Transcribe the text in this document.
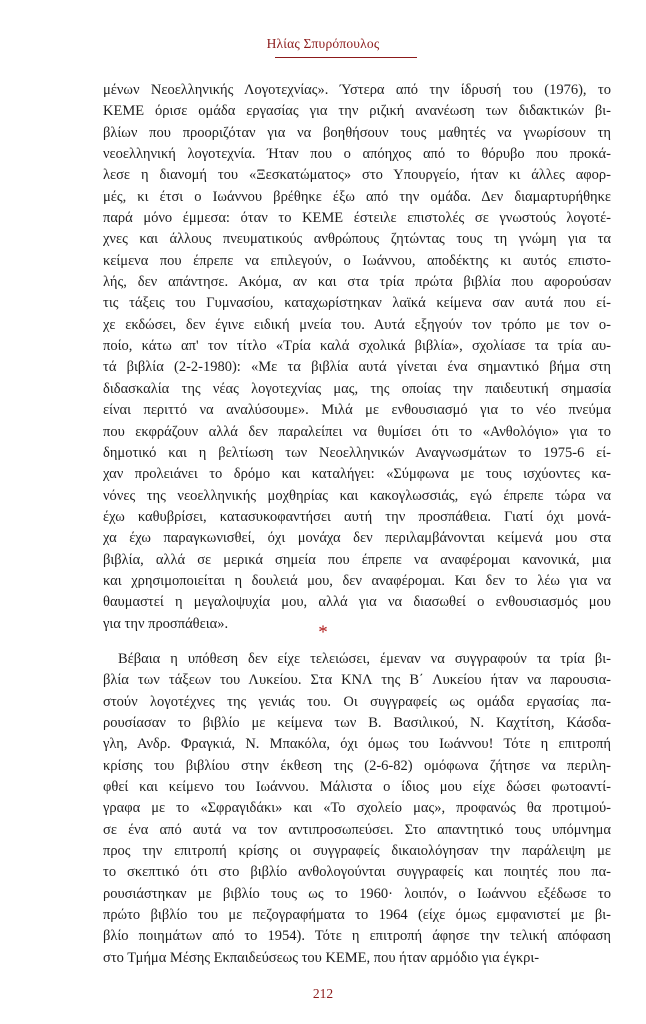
Ηλίας Σπυρόπουλος
μένων Νεοελληνικής Λογοτεχνίας». Ύστερα από την ίδρυσή του (1976), το
ΚΕΜΕ όρισε ομάδα εργασίας για την ριζική ανανέωση των διδακτικών βι-
βλίων που προοριζόταν για να βοηθήσουν τους μαθητές να γνωρίσουν τη
νεοελληνική λογοτεχνία. Ήταν που ο απόηχος από το θόρυβο που προκά-
λεσε η διανομή του «Ξεσκατώματος» στο Υπουργείο, ήταν κι άλλες αφορ-
μές, κι έτσι ο Ιωάννου βρέθηκε έξω από την ομάδα. Δεν διαμαρτυρήθηκε
παρά μόνο έμμεσα: όταν το ΚΕΜΕ έστειλε επιστολές σε γνωστούς λογοτέ-
χνες και άλλους πνευματικούς ανθρώπους ζητώντας τους τη γνώμη για τα
κείμενα που έπρεπε να επιλεγούν, ο Ιωάννου, αποδέκτης κι αυτός επιστο-
λής, δεν απάντησε. Ακόμα, αν και στα τρία πρώτα βιβλία που αφορούσαν
τις τάξεις του Γυμνασίου, καταχωρίστηκαν λαϊκά κείμενα σαν αυτά που εί-
χε εκδώσει, δεν έγινε ειδική μνεία του. Αυτά εξηγούν τον τρόπο με τον ο-
ποίο, κάτω απ' τον τίτλο «Τρία καλά σχολικά βιβλία», σχολίασε τα τρία αυ-
τά βιβλία (2-2-1980): «Με τα βιβλία αυτά γίνεται ένα σημαντικό βήμα στη
διδασκαλία της νέας λογοτεχνίας μας, της οποίας την παιδευτική σημασία
είναι περιττό να αναλύσουμε». Μιλά με ενθουσιασμό για το νέο πνεύμα
που εκφράζουν αλλά δεν παραλείπει να θυμίσει ότι το «Ανθολόγιο» για το
δημοτικό και η βελτίωση των Νεοελληνικών Αναγνωσμάτων το 1975-6 εί-
χαν προλειάνει το δρόμο και καταλήγει: «Σύμφωνα με τους ισχύοντες κα-
νόνες της νεοελληνικής μοχθηρίας και κακογλωσσιάς, εγώ έπρεπε τώρα να
έχω καθυβρίσει, κατασυκοφαντήσει αυτή την προσπάθεια. Γιατί όχι μονά-
χα έχω παραγκωνισθεί, όχι μονάχα δεν περιλαμβάνονται κείμενά μου στα
βιβλία, αλλά σε μερικά σημεία που έπρεπε να αναφέρομαι κανονικά, μια
και χρησιμοποιείται η δουλειά μου, δεν αναφέρομαι. Και δεν το λέω για να
θαυμαστεί η μεγαλοψυχία μου, αλλά για να διασωθεί ο ενθουσιασμός μου
για την προσπάθεια».	*
Βέβαια η υπόθεση δεν είχε τελειώσει, έμεναν να συγγραφούν τα τρία βι-
βλία των τάξεων του Λυκείου. Στα ΚΝΛ της Β΄ Λυκείου ήταν να παρουσια-
στούν λογοτέχνες της γενιάς του. Οι συγγραφείς ως ομάδα εργασίας πα-
ρουσίασαν το βιβλίο με κείμενα των Β. Βασιλικού, Ν. Καχτίτση, Κάσδα-
γλη, Ανδρ. Φραγκιά, Ν. Μπακόλα, όχι όμως του Ιωάννου! Τότε η επιτροπή
κρίσης του βιβλίου στην έκθεση της (2-6-82) ομόφωνα ζήτησε να περιλη-
φθεί και κείμενο του Ιωάννου. Μάλιστα ο ίδιος μου είχε δώσει φωτοαντί-
γραφα με το «Σφραγιδάκι» και «Το σχολείο μας», προφανώς θα προτιμού-
σε ένα από αυτά να τον αντιπροσωπεύσει. Στο απαντητικό τους υπόμνημα
προς την επιτροπή κρίσης οι συγγραφείς δικαιολόγησαν την παράλειψη με
το σκεπτικό ότι στο βιβλίο ανθολογούνται συγγραφείς και ποιητές που πα-
ρουσιάστηκαν με βιβλίο τους ως το 1960· λοιπόν, ο Ιωάννου εξέδωσε το
πρώτο βιβλίο του με πεζογραφήματα το 1964 (είχε όμως εμφανιστεί με βι-
βλίο ποιημάτων από το 1954). Τότε η επιτροπή άφησε την τελική απόφαση
στο Τμήμα Μέσης Εκπαιδεύσεως του ΚΕΜΕ, που ήταν αρμόδιο για έγκρι-
212
